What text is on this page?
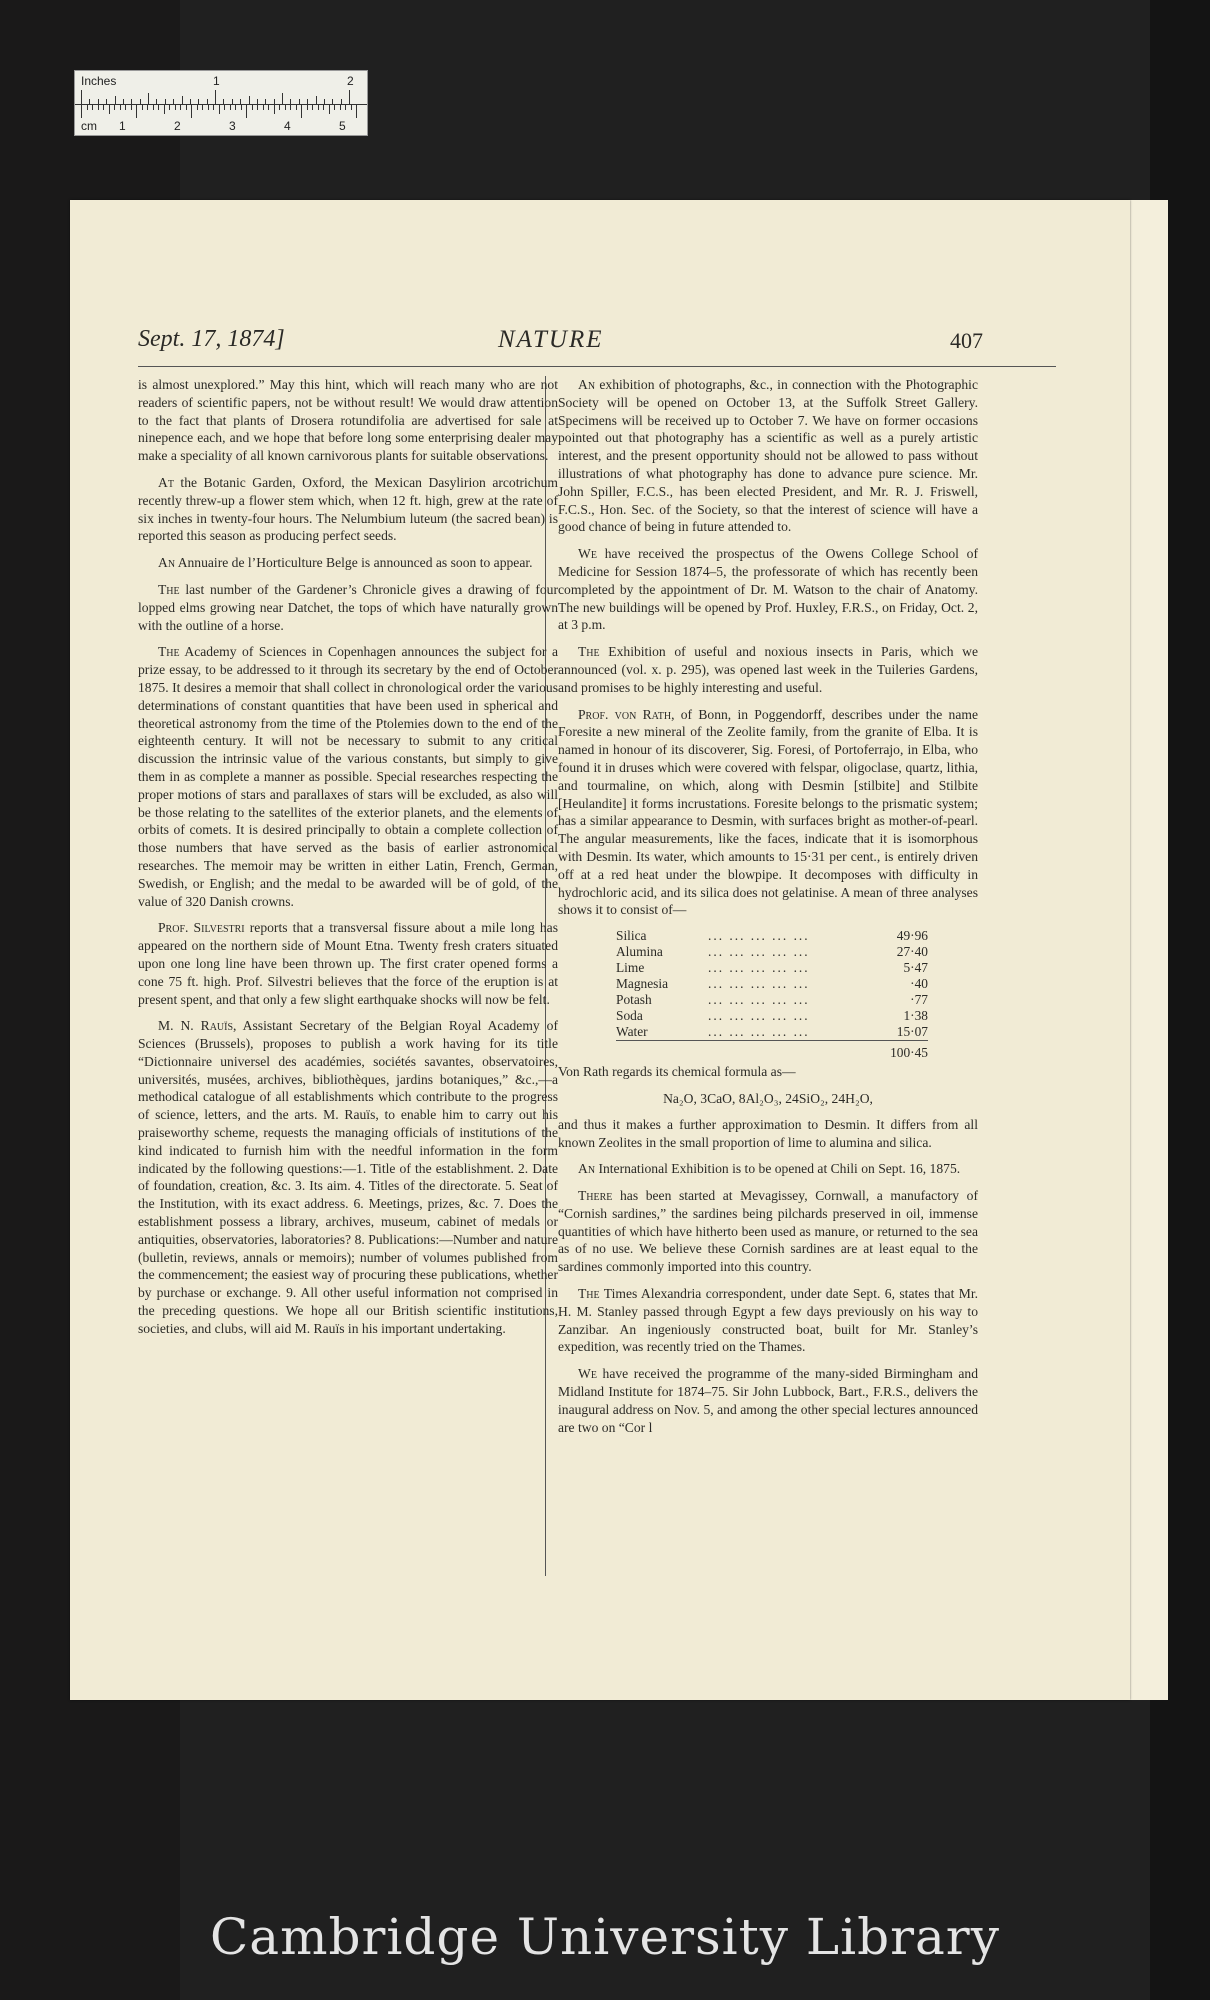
Inches	1	2
cm 1	2	3	4	5
Sept. 17, 1874]	NATURE	407

is almost unexplored.” May this hint, which will reach many who are not readers of scientific papers, not be without result! We would draw attention to the fact that plants of Drosera rotundifolia are advertised for sale at ninepence each, and we hope that before long some enterprising dealer may make a speciality of all known carnivorous plants for suitable observations.

At the Botanic Garden, Oxford, the Mexican Dasylirion arcotrichum recently threw-up a flower stem which, when 12 ft. high, grew at the rate of six inches in twenty-four hours. The Nelumbium luteum (the sacred bean) is reported this season as producing perfect seeds.

An Annuaire de l’Horticulture Belge is announced as soon to appear.

The last number of the Gardener’s Chronicle gives a drawing of four lopped elms growing near Datchet, the tops of which have naturally grown with the outline of a horse.

The Academy of Sciences in Copenhagen announces the subject for a prize essay, to be addressed to it through its secretary by the end of October 1875. It desires a memoir that shall collect in chronological order the various determinations of constant quantities that have been used in spherical and theoretical astronomy from the time of the Ptolemies down to the end of the eighteenth century. It will not be necessary to submit to any critical discussion the intrinsic value of the various constants, but simply to give them in as complete a manner as possible. Special researches respecting the proper motions of stars and parallaxes of stars will be excluded, as also will be those relating to the satellites of the exterior planets, and the elements of orbits of comets. It is desired principally to obtain a complete collection of those numbers that have served as the basis of earlier astronomical researches. The memoir may be written in either Latin, French, German, Swedish, or English; and the medal to be awarded will be of gold, of the value of 320 Danish crowns.

Prof. Silvestri reports that a transversal fissure about a mile long has appeared on the northern side of Mount Etna. Twenty fresh craters situated upon one long line have been thrown up. The first crater opened forms a cone 75 ft. high. Prof. Silvestri believes that the force of the eruption is at present spent, and that only a few slight earthquake shocks will now be felt.

M. N. Rauïs, Assistant Secretary of the Belgian Royal Academy of Sciences (Brussels), proposes to publish a work having for its title “Dictionnaire universel des académies, sociétés savantes, observatoires, universités, musées, archives, bibliothèques, jardins botaniques,” &c.,—a methodical catalogue of all establishments which contribute to the progress of science, letters, and the arts. M. Rauïs, to enable him to carry out his praiseworthy scheme, requests the managing officials of institutions of the kind indicated to furnish him with the needful information in the form indicated by the following questions:—1. Title of the establishment. 2. Date of foundation, creation, &c. 3. Its aim. 4. Titles of the directorate. 5. Seat of the Institution, with its exact address. 6. Meetings, prizes, &c. 7. Does the establishment possess a library, archives, museum, cabinet of medals or antiquities, observatories, laboratories? 8. Publications:—Number and nature (bulletin, reviews, annals or memoirs); number of volumes published from the commencement; the easiest way of procuring these publications, whether by purchase or exchange. 9. All other useful information not comprised in the preceding questions. We hope all our British scientific institutions, societies, and clubs, will aid M. Rauïs in his important undertaking.

An exhibition of photographs, &c., in connection with the Photographic Society will be opened on October 13, at the Suffolk Street Gallery. Specimens will be received up to October 7. We have on former occasions pointed out that photography has a scientific as well as a purely artistic interest, and the present opportunity should not be allowed to pass without illustrations of what photography has done to advance pure science. Mr. John Spiller, F.C.S., has been elected President, and Mr. R. J. Friswell, F.C.S., Hon. Sec. of the Society, so that the interest of science will have a good chance of being in future attended to.

We have received the prospectus of the Owens College School of Medicine for Session 1874–5, the professorate of which has recently been completed by the appointment of Dr. M. Watson to the chair of Anatomy. The new buildings will be opened by Prof. Huxley, F.R.S., on Friday, Oct. 2, at 3 p.m.

The Exhibition of useful and noxious insects in Paris, which we announced (vol. x. p. 295), was opened last week in the Tuileries Gardens, and promises to be highly interesting and useful.

Prof. von Rath, of Bonn, in Poggendorff, describes under the name Foresite a new mineral of the Zeolite family, from the granite of Elba. It is named in honour of its discoverer, Sig. Foresi, of Portoferrajo, in Elba, who found it in druses which were covered with felspar, oligoclase, quartz, lithia, and tourmaline, on which, along with Desmin [stilbite] and Stilbite [Heulandite] it forms incrustations. Foresite belongs to the prismatic system; has a similar appearance to Desmin, with surfaces bright as mother-of-pearl. The angular measurements, like the faces, indicate that it is isomorphous with Desmin. Its water, which amounts to 15·31 per cent., is entirely driven off at a red heat under the blowpipe. It decomposes with difficulty in hydrochloric acid, and its silica does not gelatinise. A mean of three analyses shows it to consist of—

Silica	... ... ... ... ...	49·96
Alumina	... ... ... ... ...	27·40
Lime	... ... ... ... ...	5·47
Magnesia	... ... ... ... ...	·40
Potash	... ... ... ... ...	·77
Soda	... ... ... ... ...	1·38
Water	... ... ... ... ...	15·07
		100·45

Von Rath regards its chemical formula as—

Na₂O, 3CaO, 8Al₂O₃, 24SiO₂, 24H₂O,

and thus it makes a further approximation to Desmin. It differs from all known Zeolites in the small proportion of lime to alumina and silica.

An International Exhibition is to be opened at Chili on Sept. 16, 1875.

There has been started at Mevagissey, Cornwall, a manufactory of “Cornish sardines,” the sardines being pilchards preserved in oil, immense quantities of which have hitherto been used as manure, or returned to the sea as of no use. We believe these Cornish sardines are at least equal to the sardines commonly imported into this country.

The Times Alexandria correspondent, under date Sept. 6, states that Mr. H. M. Stanley passed through Egypt a few days previously on his way to Zanzibar. An ingeniously constructed boat, built for Mr. Stanley’s expedition, was recently tried on the Thames.

We have received the programme of the many-sided Birmingham and Midland Institute for 1874–75. Sir John Lubbock, Bart., F.R.S., delivers the inaugural address on Nov. 5, and among the other special lectures announced are two on “Cor l

Cambridge University Library
